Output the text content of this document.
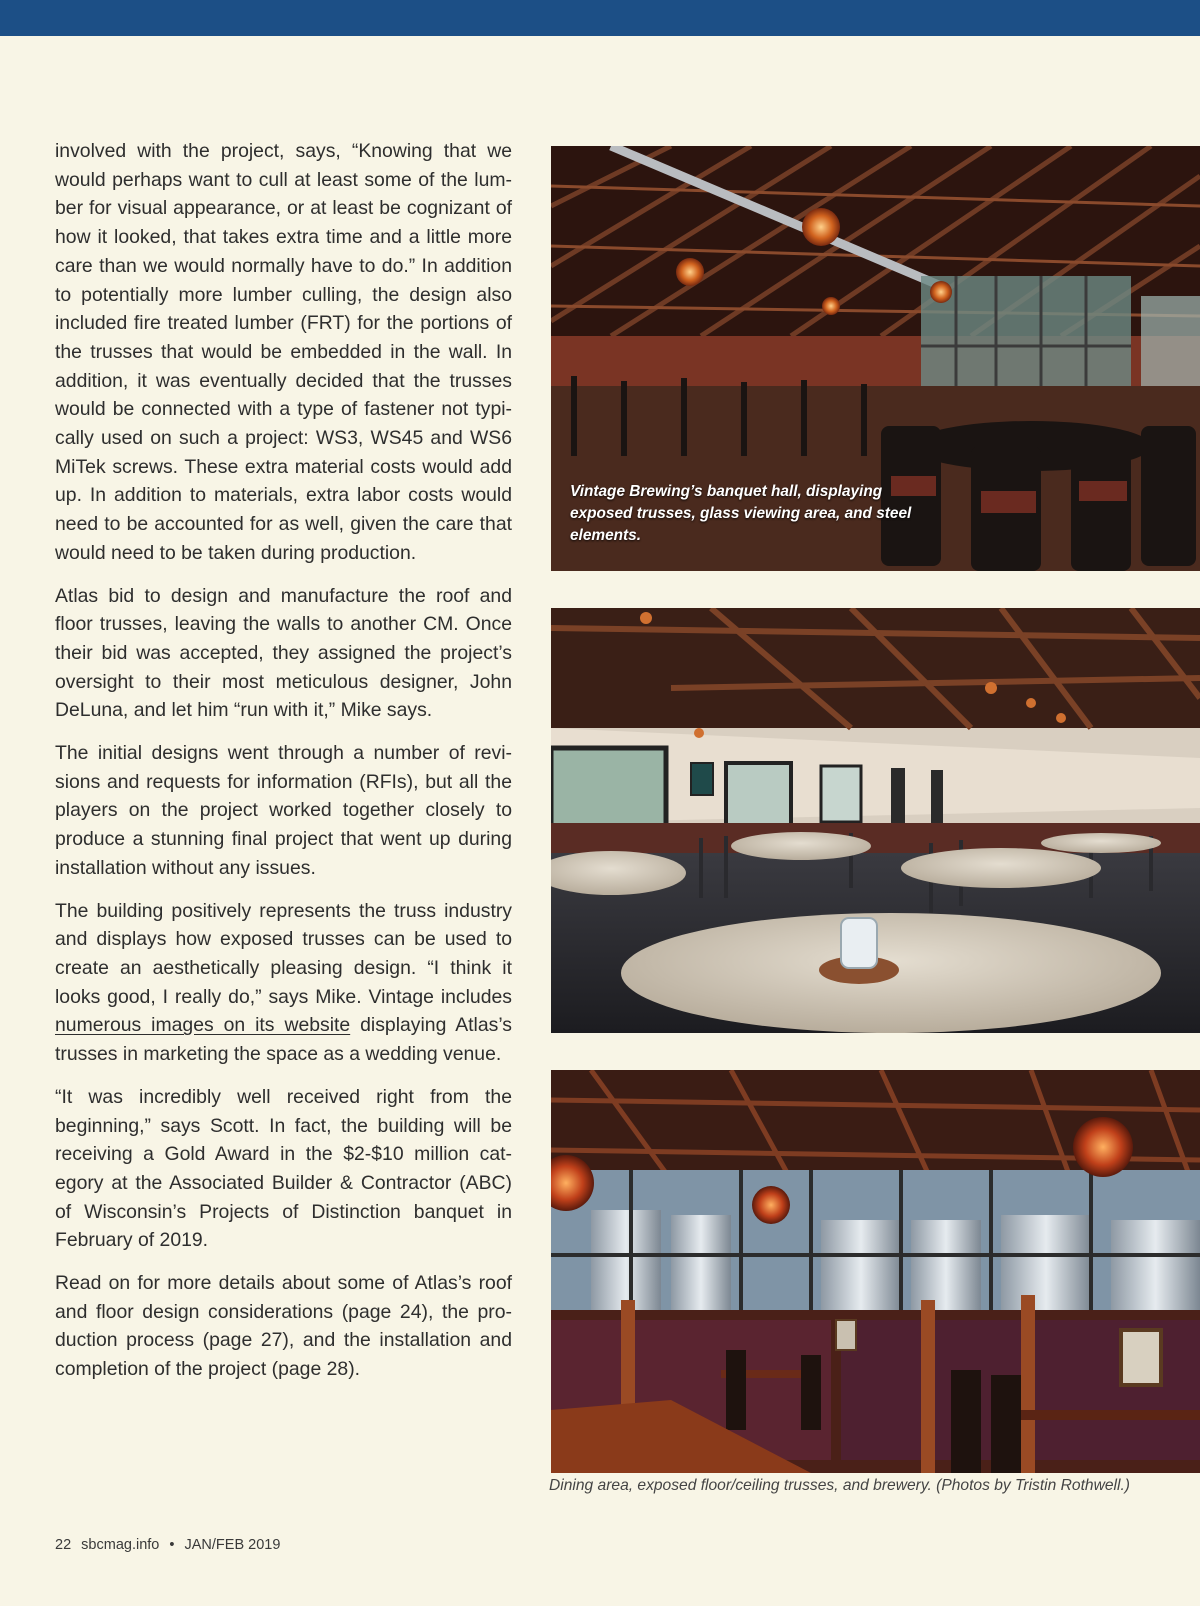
involved with the project, says, “Knowing that we would perhaps want to cull at least some of the lum-ber for visual appearance, or at least be cognizant of how it looked, that takes extra time and a little more care than we would normally have to do.” In addition to potentially more lumber culling, the design also included fire treated lumber (FRT) for the portions of the trusses that would be embedded in the wall. In addition, it was eventually decided that the trusses would be connected with a type of fastener not typi-cally used on such a project: WS3, WS45 and WS6 MiTek screws. These extra material costs would add up. In addition to materials, extra labor costs would need to be accounted for as well, given the care that would need to be taken during production.

Atlas bid to design and manufacture the roof and floor trusses, leaving the walls to another CM. Once their bid was accepted, they assigned the project’s oversight to their most meticulous designer, John DeLuna, and let him “run with it,” Mike says.

The initial designs went through a number of revi-sions and requests for information (RFIs), but all the players on the project worked together closely to produce a stunning final project that went up during installation without any issues.

The building positively represents the truss industry and displays how exposed trusses can be used to create an aesthetically pleasing design. “I think it looks good, I really do,” says Mike. Vintage includes numerous images on its website displaying Atlas’s trusses in marketing the space as a wedding venue.

“It was incredibly well received right from the beginning,” says Scott. In fact, the building will be receiving a Gold Award in the $2-$10 million cat-egory at the Associated Builder & Contractor (ABC) of Wisconsin’s Projects of Distinction banquet in February of 2019.

Read on for more details about some of Atlas’s roof and floor design considerations (page 24), the pro-duction process (page 27), and the installation and completion of the project (page 28).

Vintage Brewing’s banquet hall, displaying exposed trusses, glass viewing area, and steel elements.
Dining area, exposed floor/ceiling trusses, and brewery. (Photos by Tristin Rothwell.)
22 sbcmag.info • JAN/FEB 2019
